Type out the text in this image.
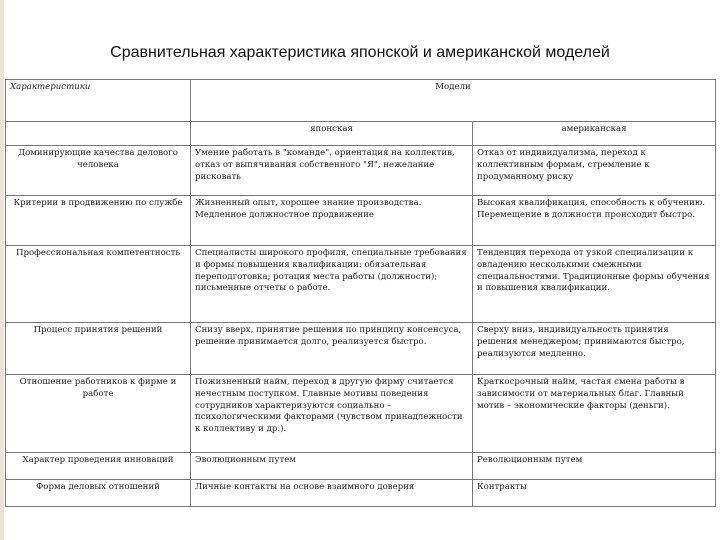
Сравнительная характеристика японской и американской моделей
Характеристики	Модели	

	японская	американская
Доминирующие качества делового человека	Умение работать в "команде", ориентация на коллектив, отказ от выпячивания собственного "Я", нежелание рисковать	Отказ от индивидуализма, переход к коллективным формам, стремление к продуманному риску
Критерии в продвижению по службе	Жизненный опыт, хорошее знание производства. Медленное должностное продвижение	Высокая квалификация, способность к обучению. Перемещение в должности происходит быстро.
Профессиональная компетентность	Специалисты широкого профиля, специальные требования и формы повышения квалификации: обязательная переподготовка; ротация места работы (должности); письменные отчеты о работе.	Тенденция перехода от узкой специализации к овладению несколькими смежными специальностями. Традиционные формы обучения и повышения квалификации.
Процесс принятия решений	Снизу вверх, принятие решения по принципу консенсуса, решение принимается долго, реализуется быстро.	Сверху вниз, индивидуальность принятия решения менеджером; принимаются быстро, реализуются медленно.
Отношение работников к фирме и работе	Пожизненный найм, переход в другую фирму считается нечестным поступком. Главные мотивы поведения сотрудников характеризуются социально – психологическими факторами (чувством принадлежности к коллективу и др.).	Краткосрочный найм, частая смена работы в зависимости от материальных благ. Главный мотив – экономические факторы (деньги).
Характер проведения инноваций	Эволюционным путем	Революционным путем
Форма деловых отношений	Личные контакты на основе взаимного доверия	Контракты
